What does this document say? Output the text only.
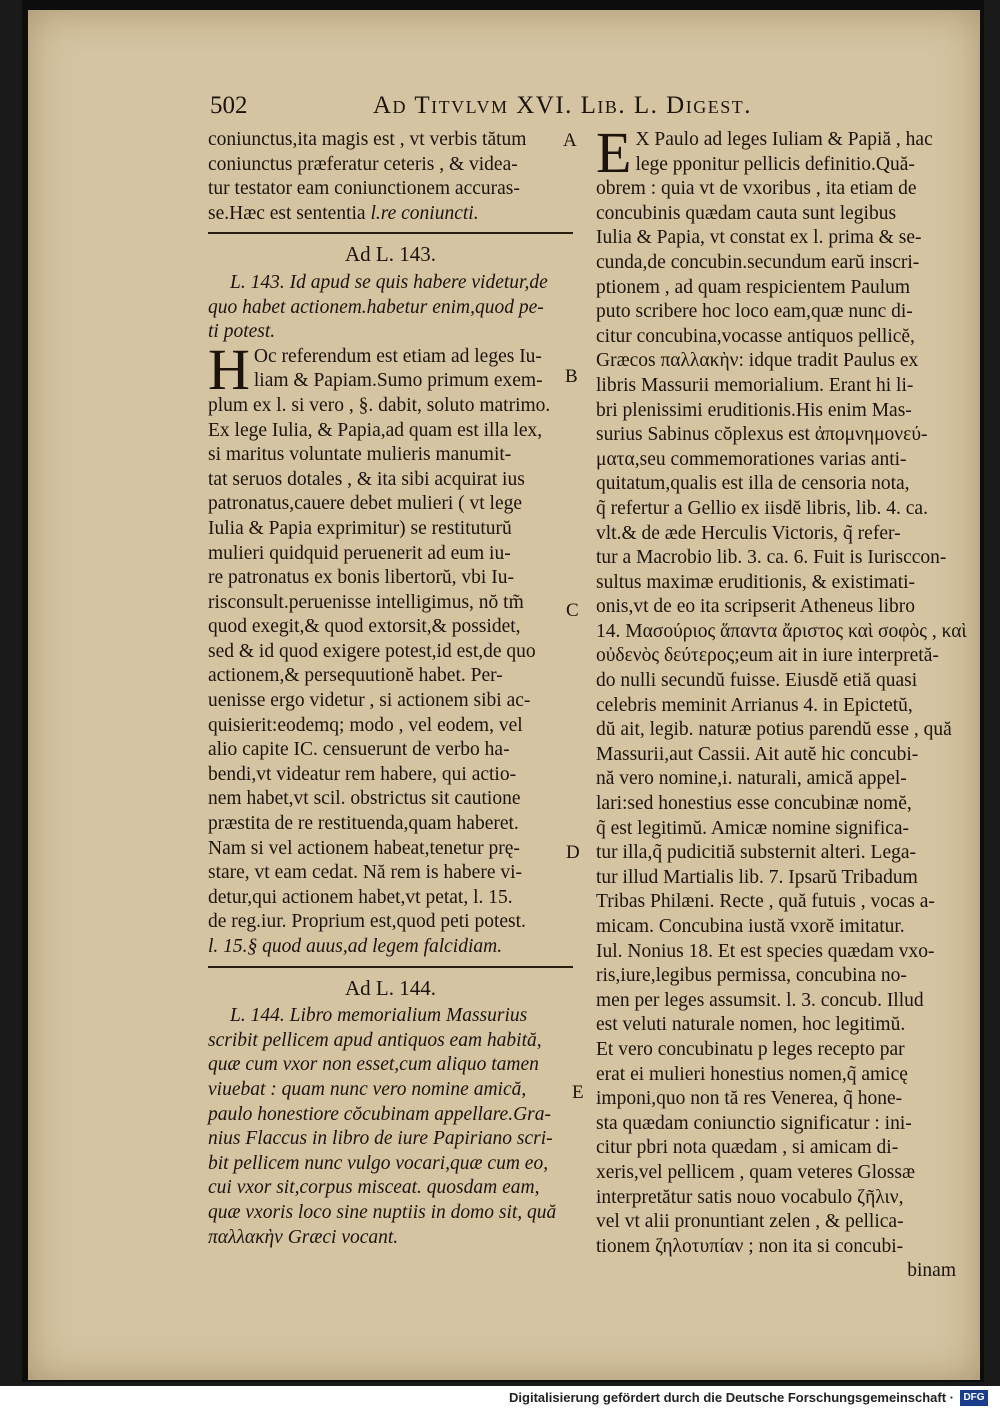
502	Ad Titvlvm XVI. Lib. L. Digest.

coniunctus,ita magis est , vt verbis tătum

coniunctus præferatur ceteris , & videa-

tur testator eam coniunctionem accuras-

se.Hæc est sententia l.re coniuncti.

Ad L. 143.

L. 143. Id apud se quis habere videtur,de

quo habet actionem.habetur enim,quod pe-

ti potest.

H Oc referendum est etiam ad leges Iu-

liam & Papiam.Sumo primum exem-

plum ex l. si vero , §. dabit, soluto matrimo.

Ex lege Iulia, & Papia,ad quam est illa lex,

si maritus voluntate mulieris manumit-

tat seruos dotales , & ita sibi acquirat ius

patronatus,cauere debet mulieri ( vt lege

Iulia & Papia exprimitur) se restituturŭ

mulieri quidquid peruenerit ad eum iu-

re patronatus ex bonis libertorŭ, vbi Iu-

risconsult.peruenisse intelligimus, nŏ tm̃

quod exegit,& quod extorsit,& possidet,

sed & id quod exigere potest,id est,de quo

actionem,& persequutionĕ habet. Per-

uenisse ergo videtur , si actionem sibi ac-

quisierit:eodemq; modo , vel eodem, vel

alio capite IC. censuerunt de verbo ha-

bendi,vt videatur rem habere, qui actio-

nem habet,vt scil. obstrictus sit cautione

præstita de re restituenda,quam haberet.

Nam si vel actionem habeat,tenetur prę-

stare, vt eam cedat. Nă rem is habere vi-

detur,qui actionem habet,vt petat, l. 15.

de reg.iur. Proprium est,quod peti potest.

l. 15.§ quod auus,ad legem falcidiam.

Ad L. 144.

L. 144. Libro memorialium Massurius

scribit pellicem apud antiquos eam habită,

quæ cum vxor non esset,cum aliquo tamen

viuebat : quam nunc vero nomine amică,

paulo honestiore cŏcubinam appellare.Gra-

nius Flaccus in libro de iure Papiriano scri-

bit pellicem nunc vulgo vocari,quæ cum eo,

cui vxor sit,corpus misceat. quosdam eam,

quæ vxoris loco sine nuptiis in domo sit, quă

παλλακὴν Græci vocant.

A
B
C
D
E
E X Paulo ad leges Iuliam & Papiă , hac

lege pponitur pellicis definitio.Quă-

obrem : quia vt de vxoribus , ita etiam de

concubinis quædam cauta sunt legibus

Iulia & Papia, vt constat ex l. prima & se-

cunda,de concubin.secundum earŭ inscri-

ptionem , ad quam respicientem Paulum

puto scribere hoc loco eam,quæ nunc di-

citur concubina,vocasse antiquos pellicĕ,

Græcos παλλακὴν: idque tradit Paulus ex

libris Massurii memorialium. Erant hi li-

bri plenissimi eruditionis.His enim Mas-

surius Sabinus cŏplexus est ἀπομνημονεύ-

ματα,seu commemorationes varias anti-

quitatum,qualis est illa de censoria nota,

q̃ refertur a Gellio ex iisdĕ libris, lib. 4. ca.

vlt.& de æde Herculis Victoris, q̃ refer-

tur a Macrobio lib. 3. ca. 6. Fuit is Iurisccon-

sultus maximæ eruditionis, & existimati-

onis,vt de eo ita scripserit Atheneus libro

14. Μασούριος ἅπαντα ἄριστος καὶ σοφὸς , καὶ

οὐδενὸς δεύτερος;eum ait in iure interpretă-

do nulli secundŭ fuisse. Eiusdĕ etiă quasi

celebris meminit Arrianus 4. in Epictetŭ,

dŭ ait, legib. naturæ potius parendŭ esse , quă

Massurii,aut Cassii. Ait autĕ hic concubi-

nă vero nomine,i. naturali, amică appel-

lari:sed honestius esse concubinæ nomĕ,

q̃ est legitimŭ. Amicæ nomine significa-

tur illa,q̃ pudicitiă substernit alteri. Lega-

tur illud Martialis lib. 7. Ipsarŭ Tribadum

Tribas Philæni. Recte , quă futuis , vocas a-

micam. Concubina iustă vxorĕ imitatur.

Iul. Nonius 18. Et est species quædam vxo-

ris,iure,legibus permissa, concubina no-

men per leges assumsit. l. 3. concub. Illud

est veluti naturale nomen, hoc legitimŭ.

Et vero concubinatu p leges recepto par

erat ei mulieri honestius nomen,q̃ amicę

imponi,quo non tă res Venerea, q̃ hone-

sta quædam coniunctio significatur : ini-

citur pbri nota quædam , si amicam di-

xeris,vel pellicem , quam veteres Glossæ

interpretătur satis nouo vocabulo ζῆλιν,

vel vt alii pronuntiant zelen , & pellica-

tionem ζηλοτυπίαν ; non ita si concubi-

binam

Digitalisierung gefördert durch die Deutsche Forschungsgemeinschaft · DFG
